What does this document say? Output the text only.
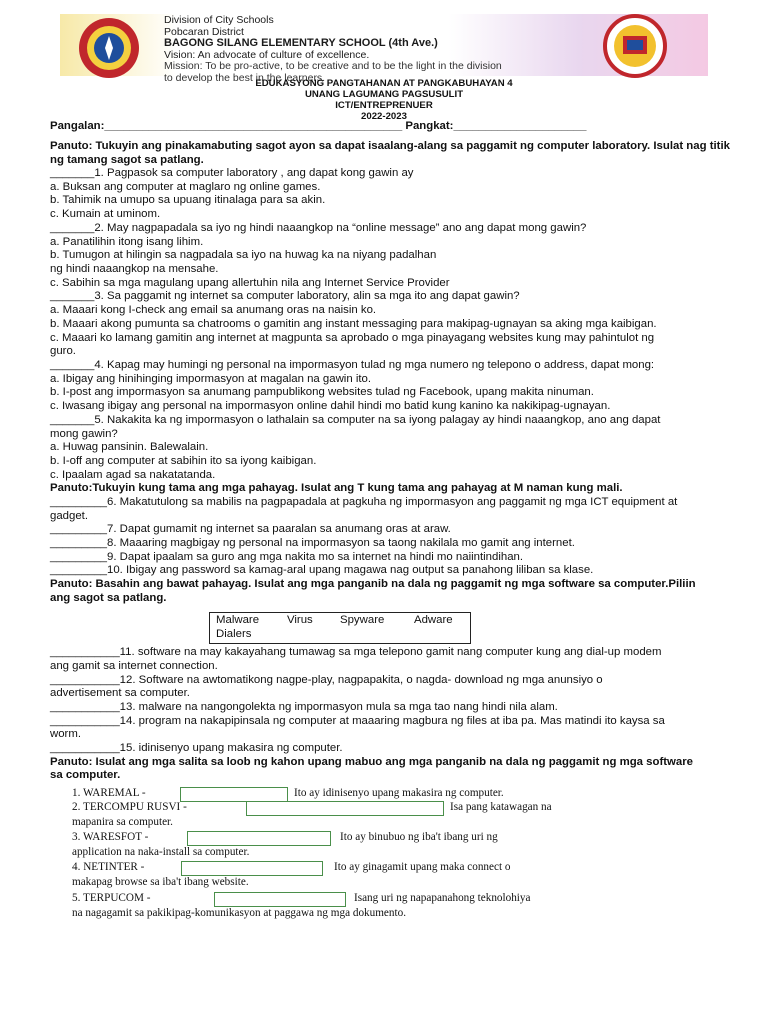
Division of City Schools
Pobcaran District
BAGONG SILANG ELEMENTARY SCHOOL (4th Ave.)
Vision: An advocate of culture of excellence.
Mission: To be pro-active, to be creative and to be the light in the division
to develop the best in the learners.
EDUKASYONG PANGTAHANAN AT PANGKABUHAYAN 4
UNANG LAGUMANG PAGSUSULIT
ICT/ENTREPRENUER
2022-2023
Pangalan:_______________________________________________ Pangkat:_____________________
Panuto: Tukuyin ang pinakamabuting sagot ayon sa dapat isaalang-alang sa paggamit ng computer laboratory. Isulat nag titik ng tamang sagot sa patlang.
_______1. Pagpasok sa computer laboratory , ang dapat kong gawin ay
a. Buksan ang computer at maglaro ng online games.
b. Tahimik na umupo sa upuang itinalaga para sa akin.
c. Kumain at uminom.
_______2. May nagpapadala sa iyo ng hindi naaangkop na “online message” ano ang dapat mong gawin?
a. Panatilihin itong isang lihim.
b. Tumugon at hilingin sa nagpadala sa iyo na huwag ka na niyang padalhan
ng hindi naaangkop na mensahe.
c. Sabihin sa mga magulang upang allertuhin nila ang Internet Service Provider
_______3. Sa paggamit ng internet sa computer laboratory, alin sa mga ito ang dapat gawin?
a. Maaari kong I-check ang email sa anumang oras na naisin ko.
b. Maaari akong pumunta sa chatrooms o gamitin ang instant messaging para makipag-ugnayan sa aking mga kaibigan.
c. Maaari ko lamang gamitin ang internet at magpunta sa aprobado o mga pinayagang websites kung may pahintulot ng
guro.
_______4. Kapag may humingi ng personal na impormasyon tulad ng mga numero ng telepono o address, dapat mong:
a. Ibigay ang hinihinging impormasyon at magalan na gawin ito.
b. I-post ang impormasyon sa anumang pampublikong websites tulad ng Facebook, upang makita ninuman.
c. Iwasang ibigay ang personal na impormasyon online dahil hindi mo batid kung kanino ka nakikipag-ugnayan.
_______5. Nakakita ka ng impormasyon o lathalain sa computer na sa iyong palagay ay hindi naaangkop, ano ang dapat
mong gawin?
a. Huwag pansinin. Balewalain.
b. I-off ang computer at sabihin ito sa iyong kaibigan.
c. Ipaalam agad sa nakatatanda.
Panuto:Tukuyin kung tama ang mga pahayag. Isulat ang T kung tama ang pahayag at M naman kung mali.
_________6. Makatutulong sa mabilis na pagpapadala at pagkuha ng impormasyon ang paggamit ng mga ICT equipment at
gadget.
_________7. Dapat gumamit ng internet sa paaralan sa anumang oras at araw.
_________8. Maaaring magbigay ng personal na impormasyon sa taong nakilala mo gamit ang internet.
_________9. Dapat ipaalam sa guro ang mga nakita mo sa internet na hindi mo naiintindihan.
_________10. Ibigay ang password sa kamag-aral upang magawa nag output sa panahong liliban sa klase.
Panuto: Basahin ang bawat pahayag. Isulat ang mga panganib na dala ng paggamit ng mga software sa computer.Piliin
ang sagot sa patlang.
Malware Virus Spyware	Adware
Dialers
___________11. software na may kakayahang tumawag sa mga telepono gamit nang computer kung ang dial-up modem
ang gamit sa internet connection.
___________12. Software na awtomatikong nagpe-play, nagpapakita, o nagda- download ng mga anunsiyo o
advertisement sa computer.
___________13. malware na nangongolekta ng impormasyon mula sa mga tao nang hindi nila alam.
___________14. program na nakapipinsala ng computer at maaaring magbura ng files at iba pa. Mas matindi ito kaysa sa
worm.
___________15. idinisenyo upang makasira ng computer.
Panuto: Isulat ang mga salita sa loob ng kahon upang mabuo ang mga panganib na dala ng paggamit ng mga software
sa computer.
1. WAREMAL -	Ito ay idinisenyo upang makasira ng computer.
2. TERCOMPU RUSVI -	Isa pang katawagan na
mapanira sa computer.
3. WARESFOT -	Ito ay binubuo ng iba't ibang uri ng
application na naka-install sa computer.
4. NETINTER -	Ito ay ginagamit upang maka connect o
makapag browse sa iba't ibang website.
5. TERPUCOM -	Isang uri ng napapanahong teknolohiya
na nagagamit sa pakikipag-komunikasyon at paggawa ng mga dokumento.
